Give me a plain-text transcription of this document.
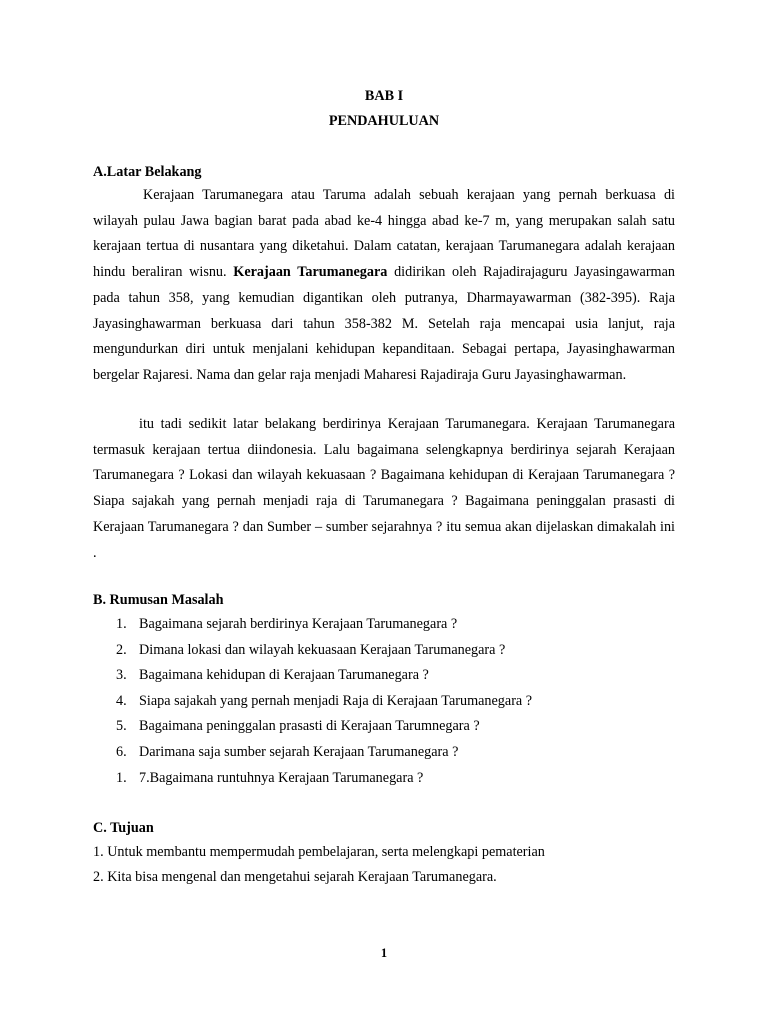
BAB I
PENDAHULUAN
A.Latar Belakang

Kerajaan Tarumanegara atau Taruma adalah sebuah kerajaan yang pernah berkuasa di wilayah pulau Jawa bagian barat pada abad ke-4 hingga abad ke-7 m, yang merupakan salah satu kerajaan tertua di nusantara yang diketahui. Dalam catatan, kerajaan Tarumanegara adalah kerajaan hindu beraliran wisnu. Kerajaan Tarumanegara didirikan oleh Rajadirajaguru Jayasingawarman pada tahun 358, yang kemudian digantikan oleh putranya, Dharmayawarman (382-395). Raja Jayasinghawarman berkuasa dari tahun 358-382 M. Setelah raja mencapai usia lanjut, raja mengundurkan diri untuk menjalani kehidupan kepanditaan. Sebagai pertapa, Jayasinghawarman bergelar Rajaresi. Nama dan gelar raja menjadi Maharesi Rajadiraja Guru Jayasinghawarman.

itu tadi sedikit latar belakang berdirinya Kerajaan Tarumanegara. Kerajaan Tarumanegara termasuk kerajaan tertua diindonesia. Lalu bagaimana selengkapnya berdirinya sejarah Kerajaan Tarumanegara ? Lokasi dan wilayah kekuasaan ? Bagaimana kehidupan di Kerajaan Tarumanegara ? Siapa sajakah yang pernah menjadi raja di Tarumanegara ? Bagaimana peninggalan prasasti di Kerajaan Tarumanegara ? dan Sumber – sumber sejarahnya ? itu semua akan dijelaskan dimakalah ini .

B. Rumusan Masalah
1. Bagaimana sejarah berdirinya Kerajaan Tarumanegara ?
2. Dimana lokasi dan wilayah kekuasaan Kerajaan Tarumanegara ?
3. Bagaimana kehidupan di Kerajaan Tarumanegara ?
4. Siapa sajakah yang pernah menjadi Raja di Kerajaan Tarumanegara ?
5. Bagaimana peninggalan prasasti di Kerajaan Tarumnegara ?
6. Darimana saja sumber sejarah Kerajaan Tarumanegara ?
1. 7.Bagaimana runtuhnya Kerajaan Tarumanegara ?
C. Tujuan
1. Untuk membantu mempermudah pembelajaran, serta melengkapi pematerian
2. Kita bisa mengenal dan mengetahui sejarah Kerajaan Tarumanegara.
1
